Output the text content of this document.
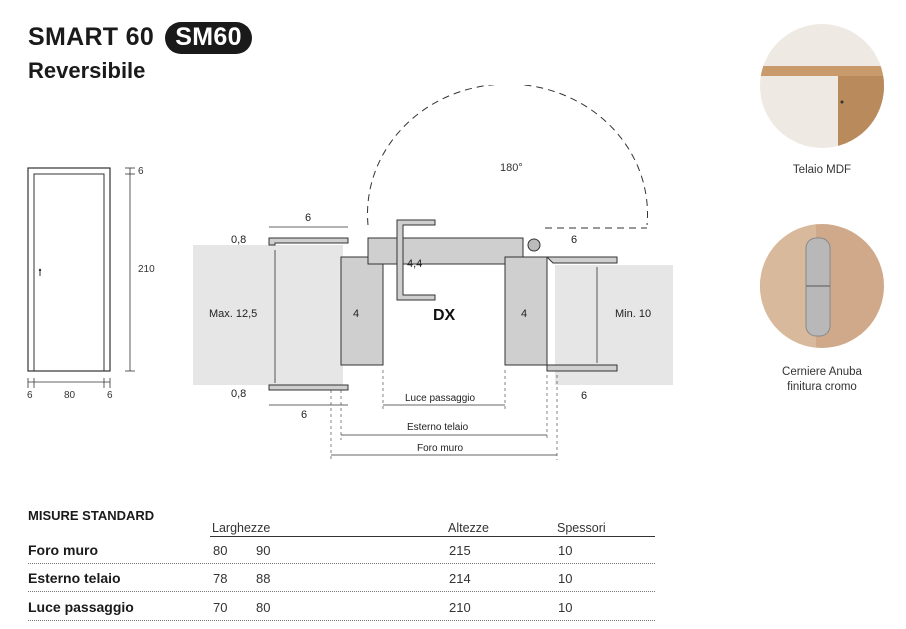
SMART 60 SM60
Reversibile
6
210
6	80	6
180°
Max. 12,5	Min. 10
4
4,4
DX	4
6
0,8
0,8
6
6
6
Luce passaggio
Esterno telaio
Foro muro
Telaio MDF
Cerniere Anuba
finitura cromo
MISURE STANDARD
Larghezze	Altezze	Spessori
Foro muro	80 90	215	10
Esterno telaio	78 88	214	10
Luce passaggio	70 80	210	10
